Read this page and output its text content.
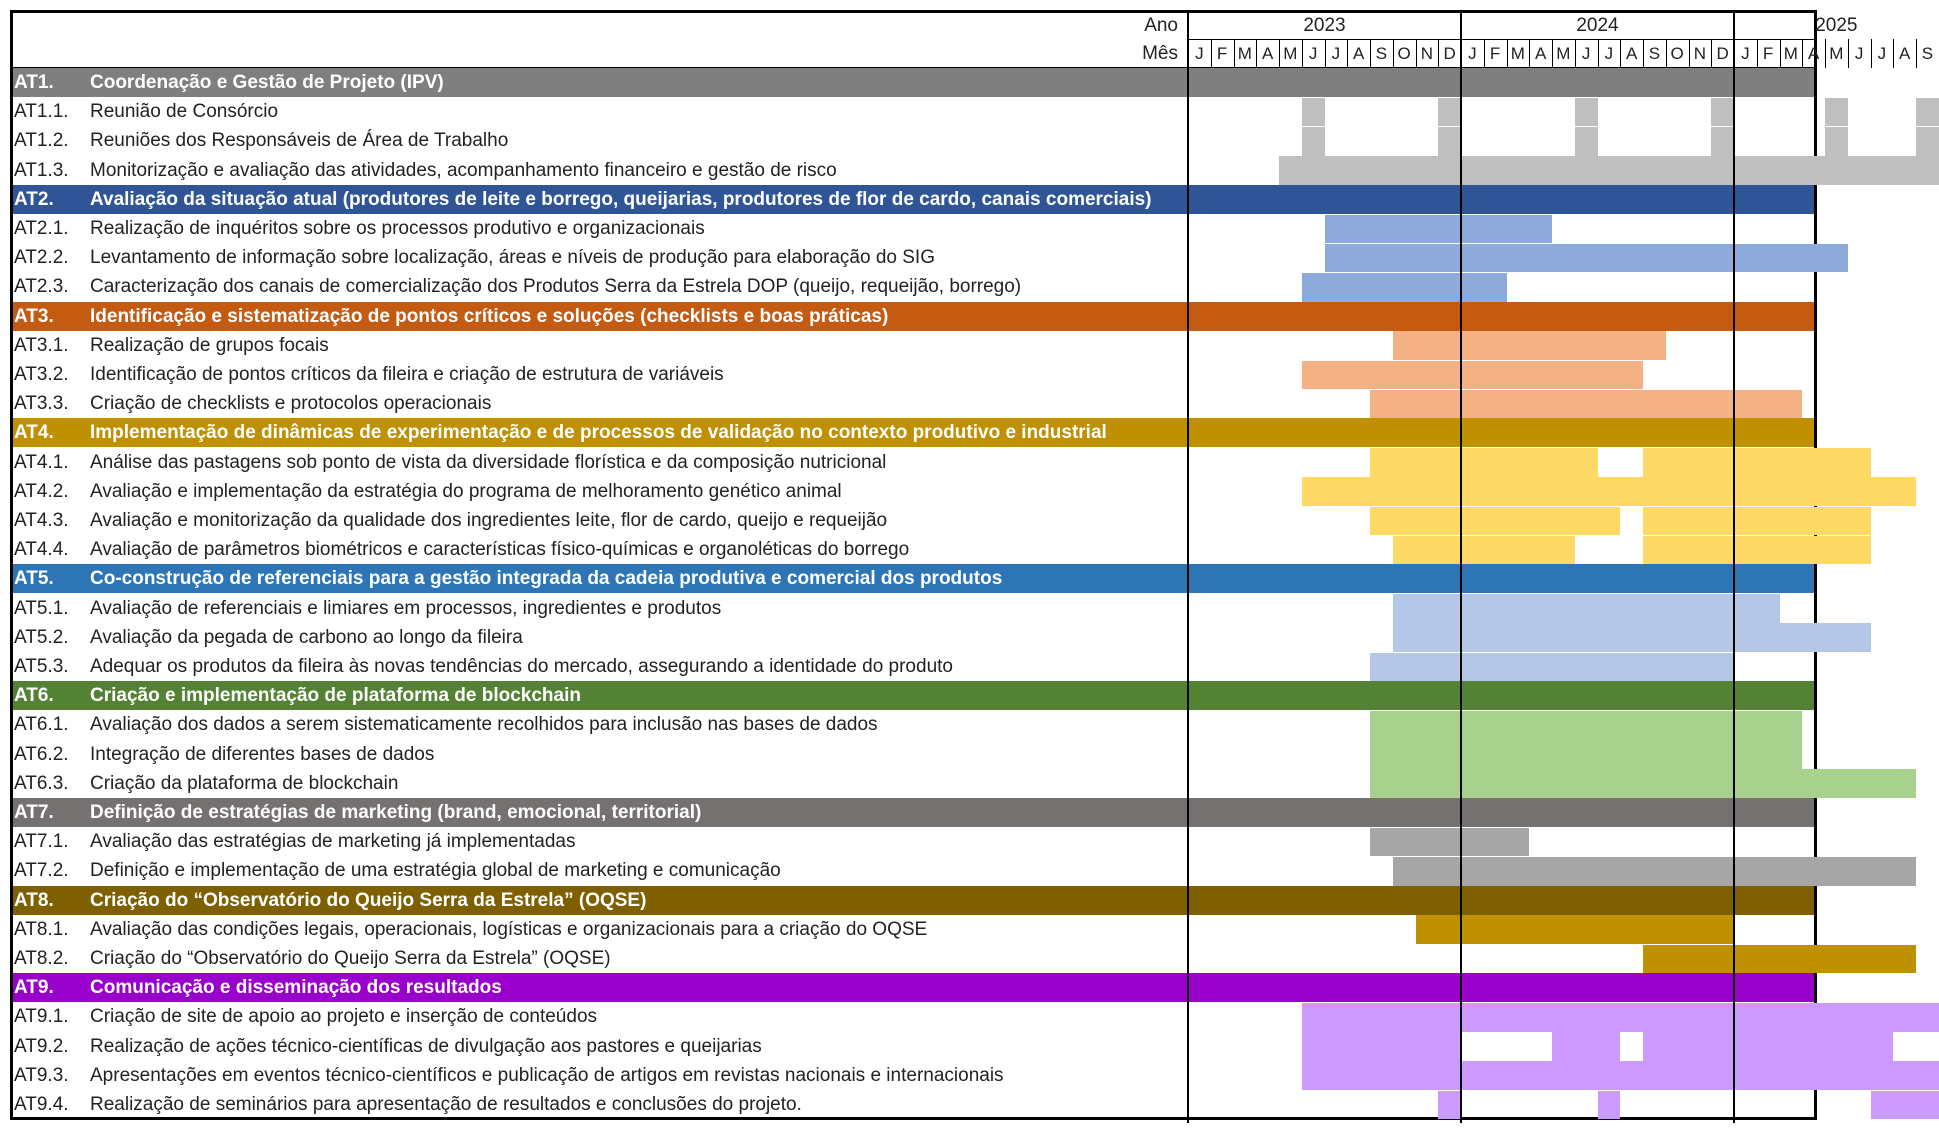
Ano
Mês
2023	2024	2025
J F M A M J J A S O N D J F M A M J J A S O N D J F M A M J J A S
AT1. Coordenação e Gestão de Projeto (IPV)
AT1.1. Reunião de Consórcio
AT1.2. Reuniões dos Responsáveis de Área de Trabalho
AT1.3. Monitorização e avaliação das atividades, acompanhamento financeiro e gestão de risco
AT2. Avaliação da situação atual (produtores de leite e borrego, queijarias, produtores de flor de cardo, canais comerciais)
AT2.1. Realização de inquéritos sobre os processos produtivo e organizacionais
AT2.2. Levantamento de informação sobre localização, áreas e níveis de produção para elaboração do SIG
AT2.3. Caracterização dos canais de comercialização dos Produtos Serra da Estrela DOP (queijo, requeijão, borrego)
AT3. Identificação e sistematização de pontos críticos e soluções (checklists e boas práticas)
AT3.1. Realização de grupos focais
AT3.2. Identificação de pontos críticos da fileira e criação de estrutura de variáveis
AT3.3. Criação de checklists e protocolos operacionais
AT4. Implementação de dinâmicas de experimentação e de processos de validação no contexto produtivo e industrial
AT4.1. Análise das pastagens sob ponto de vista da diversidade florística e da composição nutricional
AT4.2. Avaliação e implementação da estratégia do programa de melhoramento genético animal
AT4.3. Avaliação e monitorização da qualidade dos ingredientes leite, flor de cardo, queijo e requeijão
AT4.4. Avaliação de parâmetros biométricos e características físico-químicas e organoléticas do borrego
AT5. Co-construção de referenciais para a gestão integrada da cadeia produtiva e comercial dos produtos
AT5.1. Avaliação de referenciais e limiares em processos, ingredientes e produtos
AT5.2. Avaliação da pegada de carbono ao longo da fileira
AT5.3. Adequar os produtos da fileira às novas tendências do mercado, assegurando a identidade do produto
AT6. Criação e implementação de plataforma de blockchain
AT6.1. Avaliação dos dados a serem sistematicamente recolhidos para inclusão nas bases de dados
AT6.2. Integração de diferentes bases de dados
AT6.3. Criação da plataforma de blockchain
AT7. Definição de estratégias de marketing (brand, emocional, territorial)
AT7.1. Avaliação das estratégias de marketing já implementadas
AT7.2. Definição e implementação de uma estratégia global de marketing e comunicação
AT8. Criação do “Observatório do Queijo Serra da Estrela” (OQSE)
AT8.1. Avaliação das condições legais, operacionais, logísticas e organizacionais para a criação do OQSE
AT8.2. Criação do “Observatório do Queijo Serra da Estrela” (OQSE)
AT9. Comunicação e disseminação dos resultados
AT9.1. Criação de site de apoio ao projeto e inserção de conteúdos
AT9.2. Realização de ações técnico-científicas de divulgação aos pastores e queijarias
AT9.3. Apresentações em eventos técnico-científicos e publicação de artigos em revistas nacionais e internacionais
AT9.4. Realização de seminários para apresentação de resultados e conclusões do projeto.
